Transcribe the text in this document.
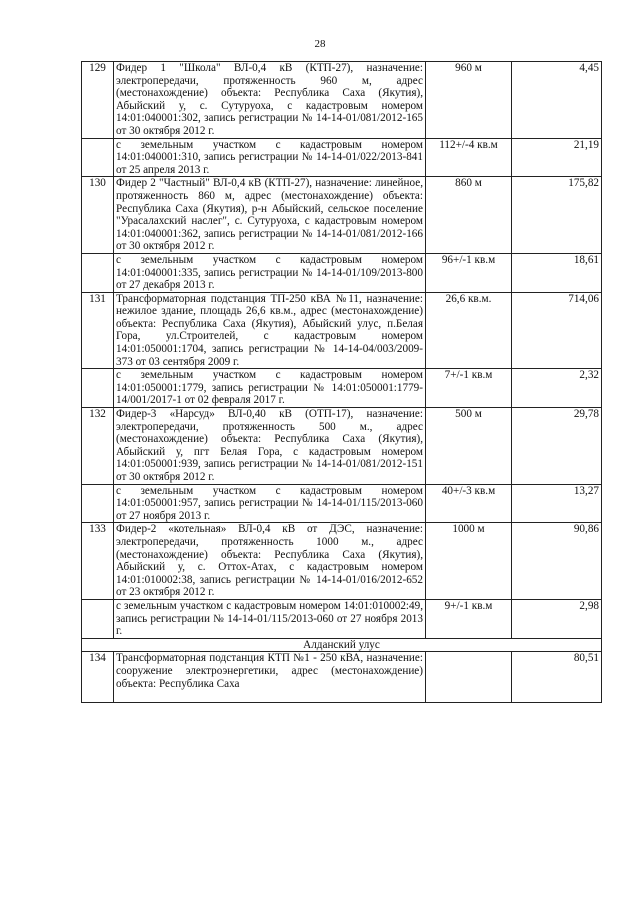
28
129	Фидер 1 "Школа" ВЛ-0,4 кВ (КТП-27), назначение: электропередачи, протяженность 960 м, адрес (местонахождение) объекта: Республика Саха (Якутия), Абыйский у, с. Сутуруоха, с кадастровым номером 14:01:040001:302, запись регистрации № 14-14-01/081/2012-165 от 30 октября 2012 г.	960 м	4,45
	с земельным участком с кадастровым номером 14:01:040001:310, запись регистрации № 14-14-01/022/2013-841 от 25 апреля 2013 г.	112+/-4 кв.м	21,19
130	Фидер 2 "Частный" ВЛ-0,4 кВ (КТП-27), назначение: линейное, протяженность 860 м, адрес (местонахождение) объекта: Республика Саха (Якутия), р-н Абыйский, сельское поселение "Урасалахский наслег", с. Сутуруоха, с кадастровым номером 14:01:040001:362, запись регистрации № 14-14-01/081/2012-166 от 30 октября 2012 г.	860 м	175,82
	с земельным участком с кадастровым номером 14:01:040001:335, запись регистрации № 14-14-01/109/2013-800 от 27 декабря 2013 г.	96+/-1 кв.м	18,61
131	Трансформаторная подстанция ТП-250 кВА №11, назначение: нежилое здание, площадь 26,6 кв.м., адрес (местонахождение) объекта: Республика Саха (Якутия), Абыйский улус, п.Белая Гора, ул.Строителей, с кадастровым номером 14:01:050001:1704, запись регистрации № 14-14-04/003/2009-373 от 03 сентября 2009 г.	26,6 кв.м.	714,06
	с земельным участком с кадастровым номером 14:01:050001:1779, запись регистрации № 14:01:050001:1779-14/001/2017-1 от 02 февраля 2017 г.	7+/-1 кв.м	2,32
132	Фидер-3 «Нарсуд» ВЛ-0,40 кВ (ОТП-17), назначение: электропередачи, протяженность 500 м., адрес (местонахождение) объекта: Республика Саха (Якутия), Абыйский у, пгт Белая Гора, с кадастровым номером 14:01:050001:939, запись регистрации № 14-14-01/081/2012-151 от 30 октября 2012 г.	500 м	29,78
	с земельным участком с кадастровым номером 14:01:050001:957, запись регистрации № 14-14-01/115/2013-060 от 27 ноября 2013 г.	40+/-3 кв.м	13,27
133	Фидер-2 «котельная» ВЛ-0,4 кВ от ДЭС, назначение: электропередачи, протяженность 1000 м., адрес (местонахождение) объекта: Республика Саха (Якутия), Абыйский у, с. Оттох-Атах, с кадастровым номером 14:01:010002:38, запись регистрации № 14-14-01/016/2012-652 от 23 октября 2012 г.	1000 м	90,86
	с земельным участком с кадастровым номером 14:01:010002:49, запись регистрации № 14-14-01/115/2013-060 от 27 ноября 2013 г.	9+/-1 кв.м	2,98
Алданский улус			
134	Трансформаторная подстанция КТП №1 - 250 кВА, назначение: сооружение электроэнергетики, адрес (местонахождение) объекта: Республика Саха		80,51
